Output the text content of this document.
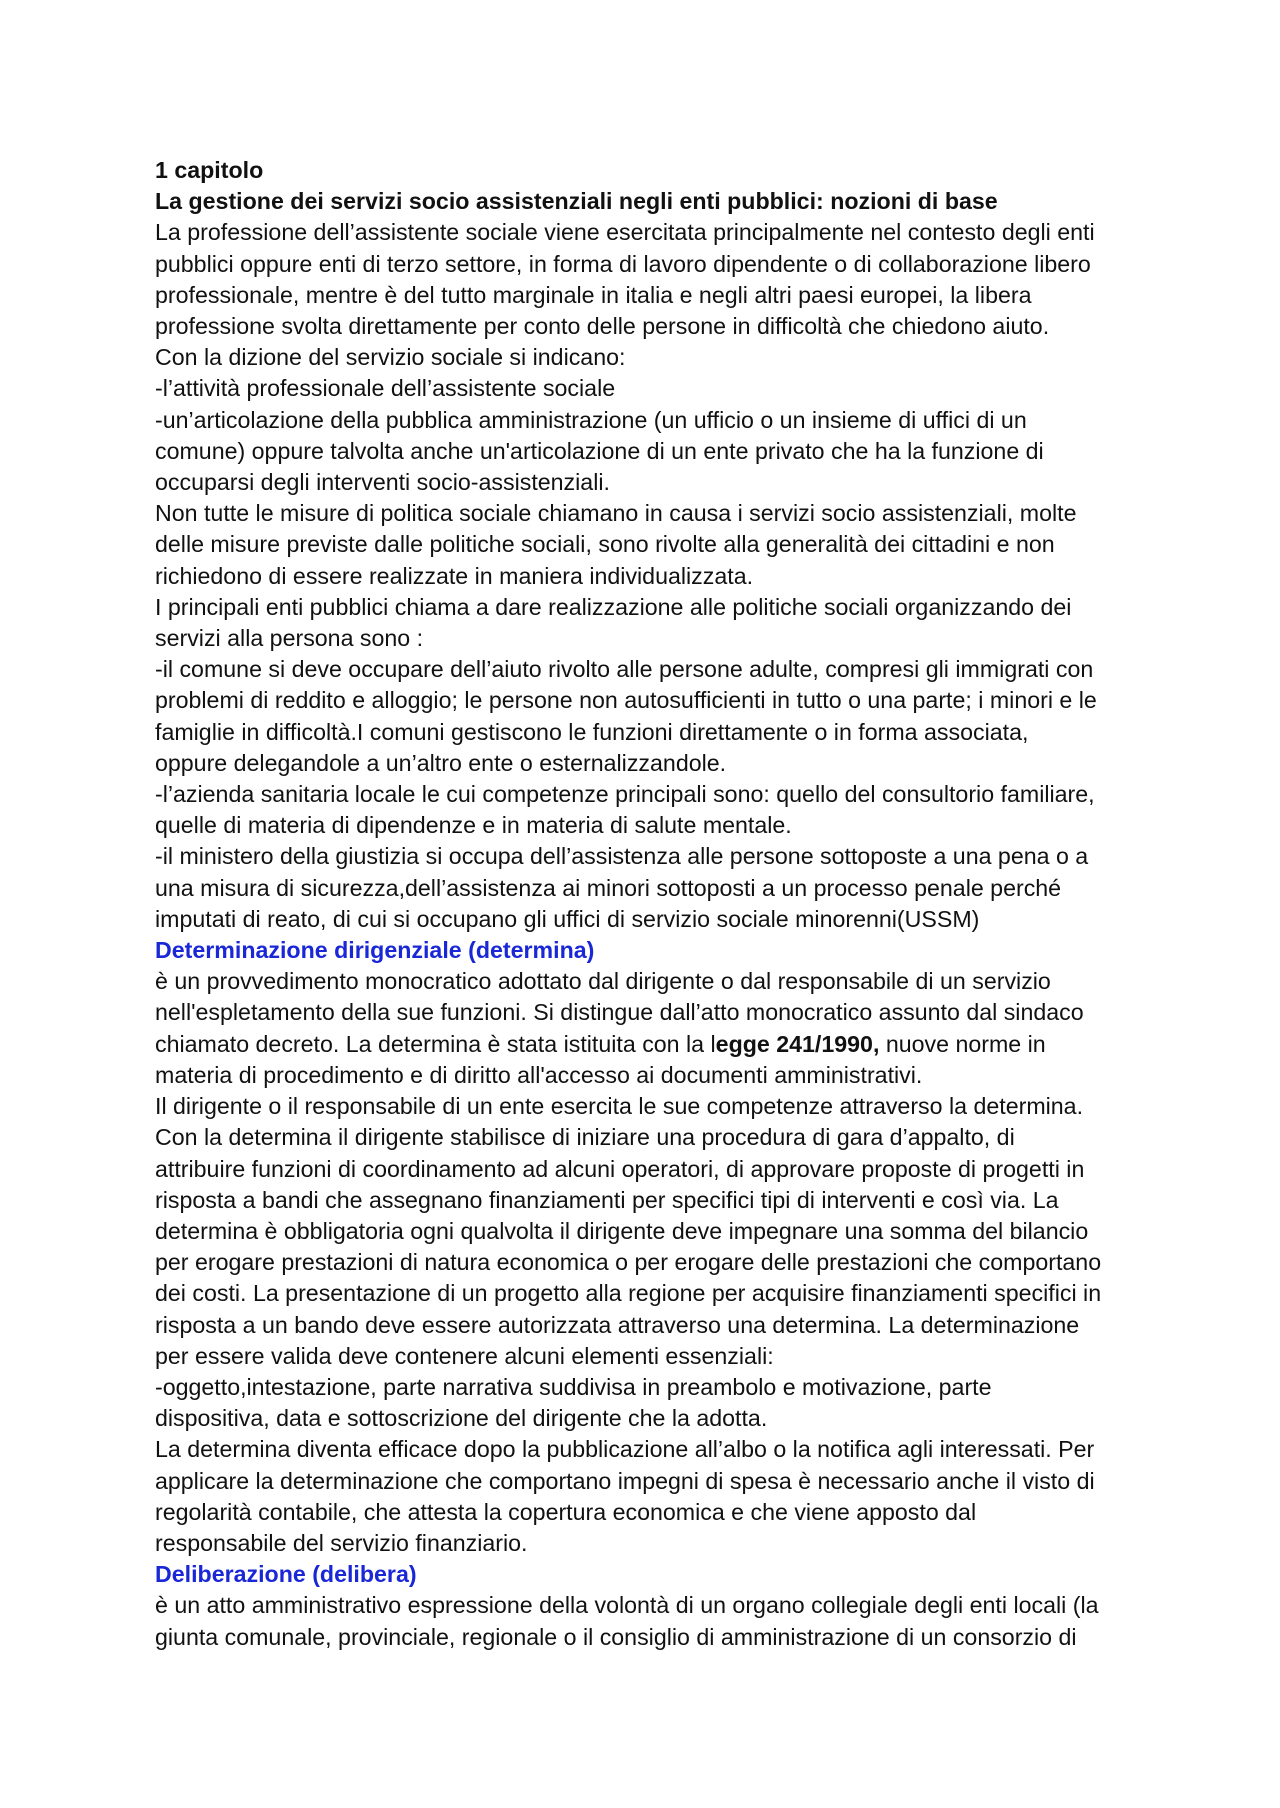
1 capitolo
La gestione dei servizi socio assistenziali negli enti pubblici: nozioni di base
La professione dell’assistente sociale viene esercitata principalmente nel contesto degli enti
pubblici oppure enti di terzo settore, in forma di lavoro dipendente o di collaborazione libero
professionale, mentre è del tutto marginale in italia e negli altri paesi europei, la libera
professione svolta direttamente per conto delle persone in difficoltà che chiedono aiuto.
Con la dizione del servizio sociale si indicano:
-l’attività professionale dell’assistente sociale
-un’articolazione della pubblica amministrazione (un ufficio o un insieme di uffici di un
comune) oppure talvolta anche un'articolazione di un ente privato che ha la funzione di
occuparsi degli interventi socio-assistenziali.
Non tutte le misure di politica sociale chiamano in causa i servizi socio assistenziali, molte
delle misure previste dalle politiche sociali, sono rivolte alla generalità dei cittadini e non
richiedono di essere realizzate in maniera individualizzata.
I principali enti pubblici chiama a dare realizzazione alle politiche sociali organizzando dei
servizi alla persona sono :
-il comune si deve occupare dell’aiuto rivolto alle persone adulte, compresi gli immigrati con
problemi di reddito e alloggio; le persone non autosufficienti in tutto o una parte; i minori e le
famiglie in difficoltà.I comuni gestiscono le funzioni direttamente o in forma associata,
oppure delegandole a un’altro ente o esternalizzandole.
-l’azienda sanitaria locale le cui competenze principali sono: quello del consultorio familiare,
quelle di materia di dipendenze e in materia di salute mentale.
-il ministero della giustizia si occupa dell’assistenza alle persone sottoposte a una pena o a
una misura di sicurezza,dell’assistenza ai minori sottoposti a un processo penale perché
imputati di reato, di cui si occupano gli uffici di servizio sociale minorenni(USSM)
Determinazione dirigenziale (determina)
è un provvedimento monocratico adottato dal dirigente o dal responsabile di un servizio
nell'espletamento della sue funzioni. Si distingue dall’atto monocratico assunto dal sindaco
chiamato decreto. La determina è stata istituita con la legge 241/1990, nuove norme in
materia di procedimento e di diritto all'accesso ai documenti amministrativi.
Il dirigente o il responsabile di un ente esercita le sue competenze attraverso la determina.
Con la determina il dirigente stabilisce di iniziare una procedura di gara d’appalto, di
attribuire funzioni di coordinamento ad alcuni operatori, di approvare proposte di progetti in
risposta a bandi che assegnano finanziamenti per specifici tipi di interventi e così via. La
determina è obbligatoria ogni qualvolta il dirigente deve impegnare una somma del bilancio
per erogare prestazioni di natura economica o per erogare delle prestazioni che comportano
dei costi. La presentazione di un progetto alla regione per acquisire finanziamenti specifici in
risposta a un bando deve essere autorizzata attraverso una determina. La determinazione
per essere valida deve contenere alcuni elementi essenziali:
-oggetto,intestazione, parte narrativa suddivisa in preambolo e motivazione, parte
dispositiva, data e sottoscrizione del dirigente che la adotta.
La determina diventa efficace dopo la pubblicazione all’albo o la notifica agli interessati. Per
applicare la determinazione che comportano impegni di spesa è necessario anche il visto di
regolarità contabile, che attesta la copertura economica e che viene apposto dal
responsabile del servizio finanziario.
Deliberazione (delibera)
è un atto amministrativo espressione della volontà di un organo collegiale degli enti locali (la
giunta comunale, provinciale, regionale o il consiglio di amministrazione di un consorzio di
